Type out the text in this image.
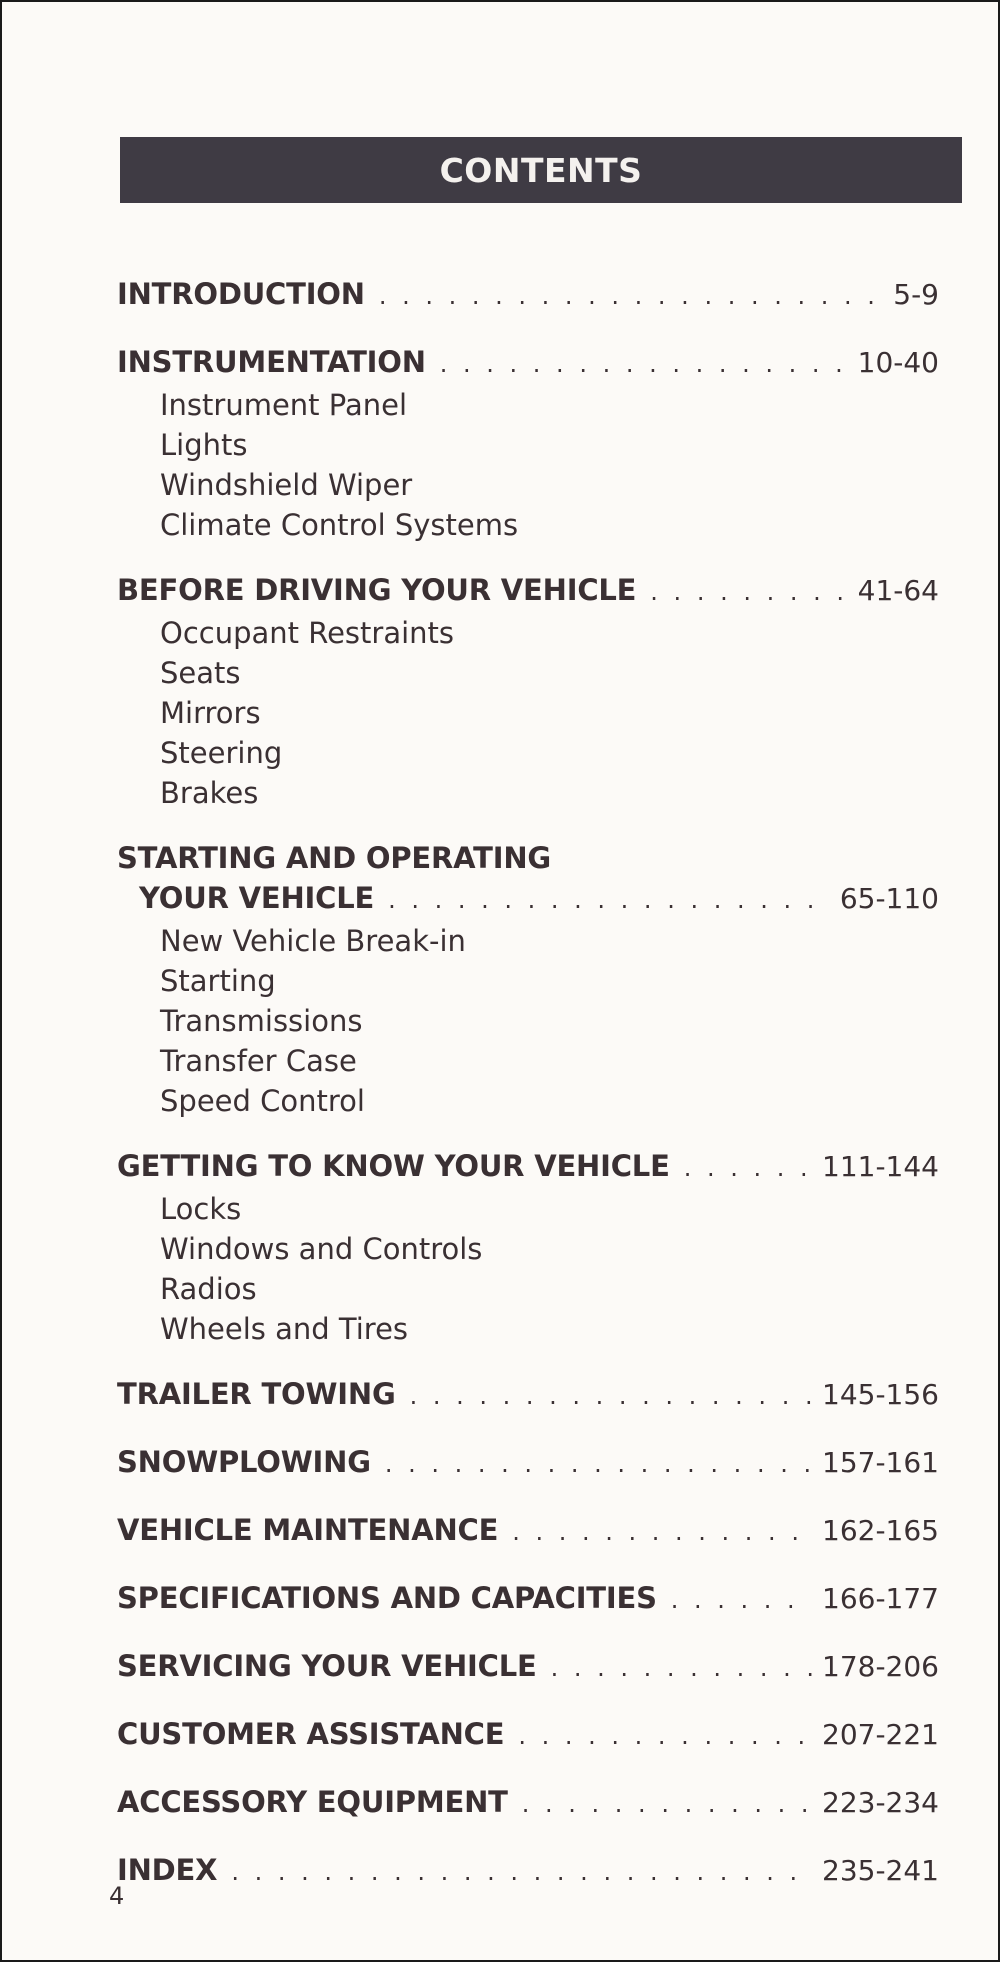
CONTENTS
INTRODUCTION . . .	5-9
INSTRUMENTATION . . .	10-40
Instrument Panel
Lights
Windshield Wiper
Climate Control Systems
BEFORE DRIVING YOUR VEHICLE . . .	41-64
Occupant Restraints
Seats
Mirrors
Steering
Brakes
STARTING AND OPERATING
YOUR VEHICLE . . .	65-110
New Vehicle Break-in
Starting
Transmissions
Transfer Case
Speed Control
GETTING TO KNOW YOUR VEHICLE . . .	111-144
Locks
Windows and Controls
Radios
Wheels and Tires
TRAILER TOWING . . .	145-156
SNOWPLOWING . . .	157-161
VEHICLE MAINTENANCE . . .	162-165
SPECIFICATIONS AND CAPACITIES . . .	166-177
SERVICING YOUR VEHICLE . . .	178-206
CUSTOMER ASSISTANCE . . .	207-221
ACCESSORY EQUIPMENT . . .	223-234
INDEX . . .	235-241
4
